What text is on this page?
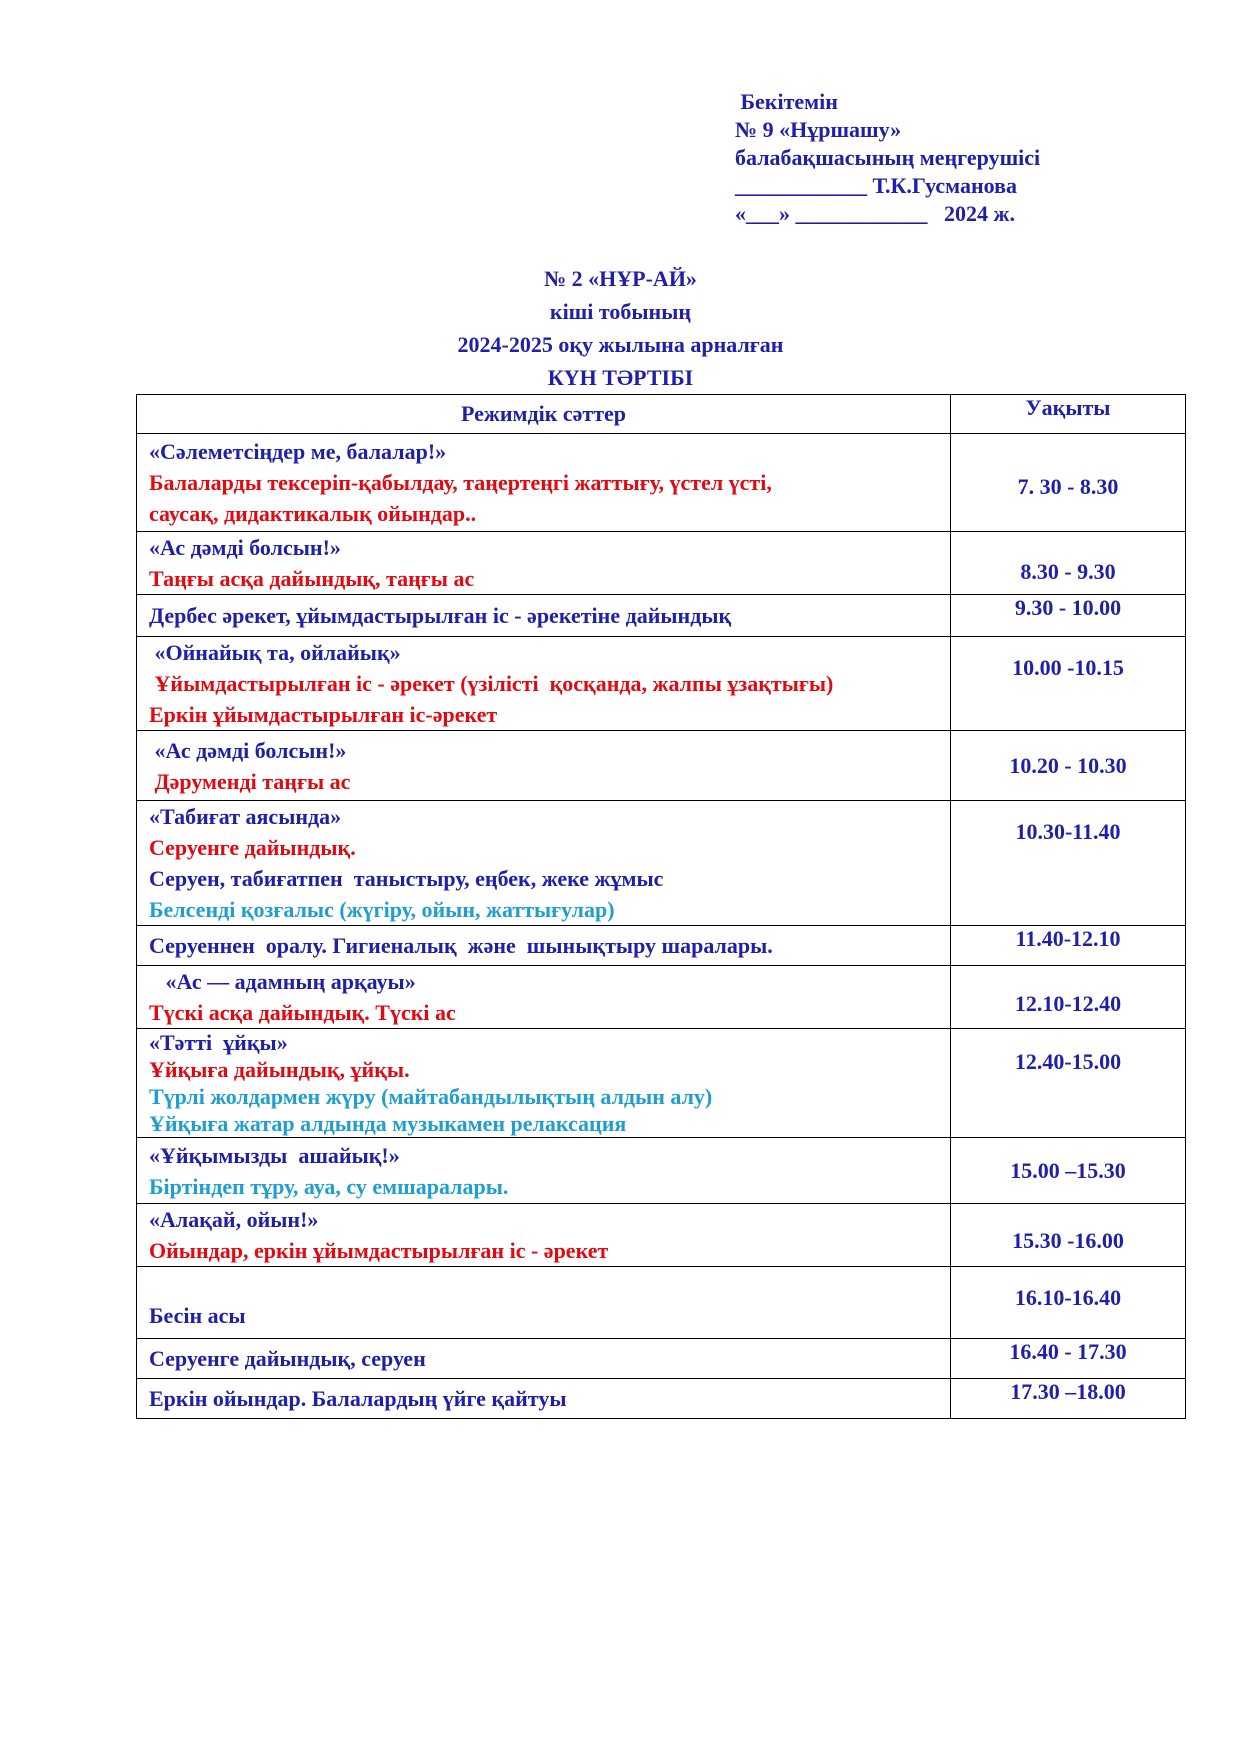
Бекітемін
№ 9 «Нұршашу»
балабақшасының меңгерушісі
____________ Т.К.Гусманова
«___» ____________   2024 ж.
№ 2 «НҰР-АЙ»
кіші тобының
2024-2025 оқу жылына арналған
КҮН ТӘРТІБІ
Режимдік сәттер	Уақыты

«Сәлеметсіңдер ме, балалар!»
Балаларды тексеріп-қабылдау, таңертеңгі жаттығу, үстел үсті,
саусақ, дидактикалық ойындар..	7. 30 - 8.30

«Ас дәмді болсын!»
Таңғы асқа дайындық, таңғы ас	8.30 - 9.30

Дербес әрекет, ұйымдастырылған іс - әрекетіне дайындық	9.30 - 10.00

«Ойнайық та, ойлайық»
Ұйымдастырылған іс - әрекет (үзілісті  қосқанда, жалпы ұзақтығы)
Еркін ұйымдастырылған іс-әрекет	10.00 -10.15

«Ас дәмді болсын!»
Дәрумендi таңғы ас	10.20 - 10.30

«Табиғат аясында»
Серуенге дайындық.
Серуен, табиғатпен  таныстыру, еңбек, жеке жұмыс
Белсенді қозғалыс (жүгіру, ойын, жаттығулар)	10.30-11.40

Серуеннен  оралу. Гигиеналық  және  шынықтыру шаралары.	11.40-12.10

«Ас — адамның арқауы»
Түскі асқа дайындық. Түскі ас	12.10-12.40

«Тәтті  ұйқы»
Ұйқыға дайындық, ұйқы.
Түрлі жолдармен жүру (майтабандылықтың алдын алу)
Ұйқыға жатар алдында музыкамен релаксация	12.40-15.00

«Ұйқымызды  ашайық!»
Біртіндеп тұру, ауа, су емшаралары.	15.00 –15.30

«Алақай, ойын!»
Ойындар, еркін ұйымдастырылған іс - әрекет	15.30 -16.00

Бесін асы	16.10-16.40

Серуенге дайындық, серуен	16.40 - 17.30

Еркін ойындар. Балалардың үйге қайтуы	17.30 –18.00
